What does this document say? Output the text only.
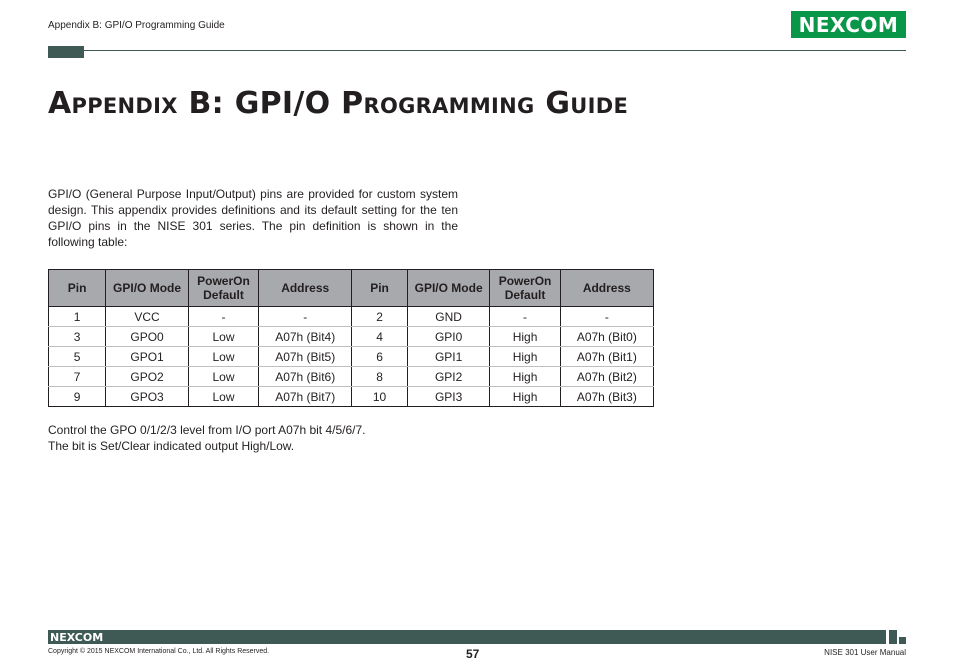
Appendix B: GPI/O Programming Guide	NEXCOM
Appendix B: GPI/O Programming Guide
GPI/O (General Purpose Input/Output) pins are provided for custom system design. This appendix provides definitions and its default setting for the ten GPI/O pins in the NISE 301 series. The pin definition is shown in the following table:
Pin	GPI/O Mode	PowerOn Default	Address	Pin	GPI/O Mode	PowerOn Default	Address
1	VCC	-	-	2	GND	-	-
3	GPO0	Low	A07h (Bit4)	4	GPI0	High	A07h (Bit0)
5	GPO1	Low	A07h (Bit5)	6	GPI1	High	A07h (Bit1)
7	GPO2	Low	A07h (Bit6)	8	GPI2	High	A07h (Bit2)
9	GPO3	Low	A07h (Bit7)	10	GPI3	High	A07h (Bit3)

Control the GPO 0/1/2/3 level from I/O port A07h bit 4/5/6/7.

The bit is Set/Clear indicated output High/Low.

NEXCOM
Copyright © 2015 NEXCOM International Co., Ltd. All Rights Reserved.	57	NISE 301 User Manual
